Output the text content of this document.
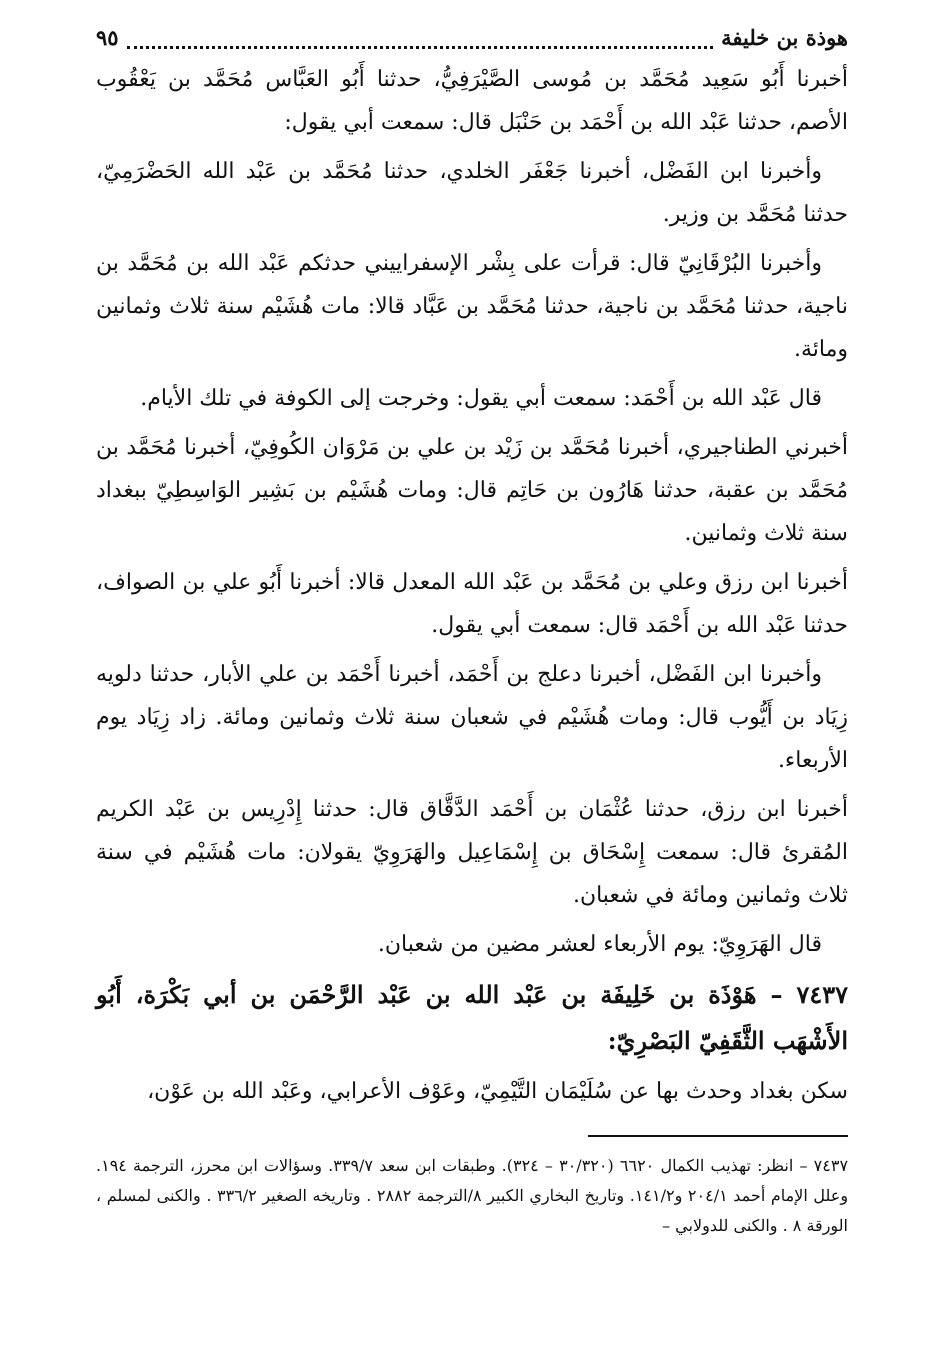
هوذة بن خليفة
٩٥

أخبرنا أَبُو سَعِيد مُحَمَّد بن مُوسى الصَّيْرَفِيُّ، حدثنا أَبُو العَبَّاس مُحَمَّد بن يَعْقُوب الأصم، حدثنا عَبْد الله بن أَحْمَد بن حَنْبَل قال: سمعت أبي يقول:

وأخبرنا ابن الفَضْل، أخبرنا جَعْفَر الخلدي، حدثنا مُحَمَّد بن عَبْد الله الحَضْرَمِيّ، حدثنا مُحَمَّد بن وزير.

وأخبرنا البُرْقَانِيّ قال: قرأت على بِشْر الإسفراييني حدثكم عَبْد الله بن مُحَمَّد بن ناجية، حدثنا مُحَمَّد بن ناجية، حدثنا مُحَمَّد بن عَبَّاد قالا: مات هُشَيْم سنة ثلاث وثمانين ومائة.

قال عَبْد الله بن أَحْمَد: سمعت أبي يقول: وخرجت إلى الكوفة في تلك الأيام.

أخبرني الطناجيري، أخبرنا مُحَمَّد بن زَيْد بن علي بن مَرْوَان الكُوفِيّ، أخبرنا مُحَمَّد بن مُحَمَّد بن عقبة، حدثنا هَارُون بن حَاتِم قال: ومات هُشَيْم بن بَشِير الوَاسِطِيّ ببغداد سنة ثلاث وثمانين.

أخبرنا ابن رزق وعلي بن مُحَمَّد بن عَبْد الله المعدل قالا: أخبرنا أَبُو علي بن الصواف، حدثنا عَبْد الله بن أَحْمَد قال: سمعت أبي يقول.

وأخبرنا ابن الفَضْل، أخبرنا دعلج بن أَحْمَد، أخبرنا أَحْمَد بن علي الأبار، حدثنا دلويه زِيَاد بن أَيُّوب قال: ومات هُشَيْم في شعبان سنة ثلاث وثمانين ومائة. زاد زِيَاد يوم الأربعاء.

أخبرنا ابن رزق، حدثنا عُثْمَان بن أَحْمَد الدَّقَّاق قال: حدثنا إِدْرِيس بن عَبْد الكريم المُقرئ قال: سمعت إِسْحَاق بن إِسْمَاعِيل والهَرَوِيّ يقولان: مات هُشَيْم في سنة ثلاث وثمانين ومائة في شعبان.

قال الهَرَوِيّ: يوم الأربعاء لعشر مضين من شعبان.

٧٤٣٧ – هَوْذَة بن خَلِيفَة بن عَبْد الله بن عَبْد الرَّحْمَن بن أبي بَكْرَة، أَبُو الأَشْهَب الثَّقَفِيّ البَصْرِيّ:

سكن بغداد وحدث بها عن سُلَيْمَان التَّيْمِيّ، وعَوْف الأعرابي، وعَبْد الله بن عَوْن،

٧٤٣٧ – انظر: تهذيب الكمال ٦٦٢٠ (٣٠/٣٢٠ – ٣٢٤). وطبقات ابن سعد ٣٣٩/٧. وسؤالات ابن محرز، الترجمة ١٩٤. وعلل الإمام أحمد ٢٠٤/١ و١٤١/٢. وتاريخ البخاري الكبير ٨/الترجمة ٢٨٨٢ . وتاريخه الصغير ٣٣٦/٢ . والكنى لمسلم ، الورقة ٨ . والكنى للدولابي –
